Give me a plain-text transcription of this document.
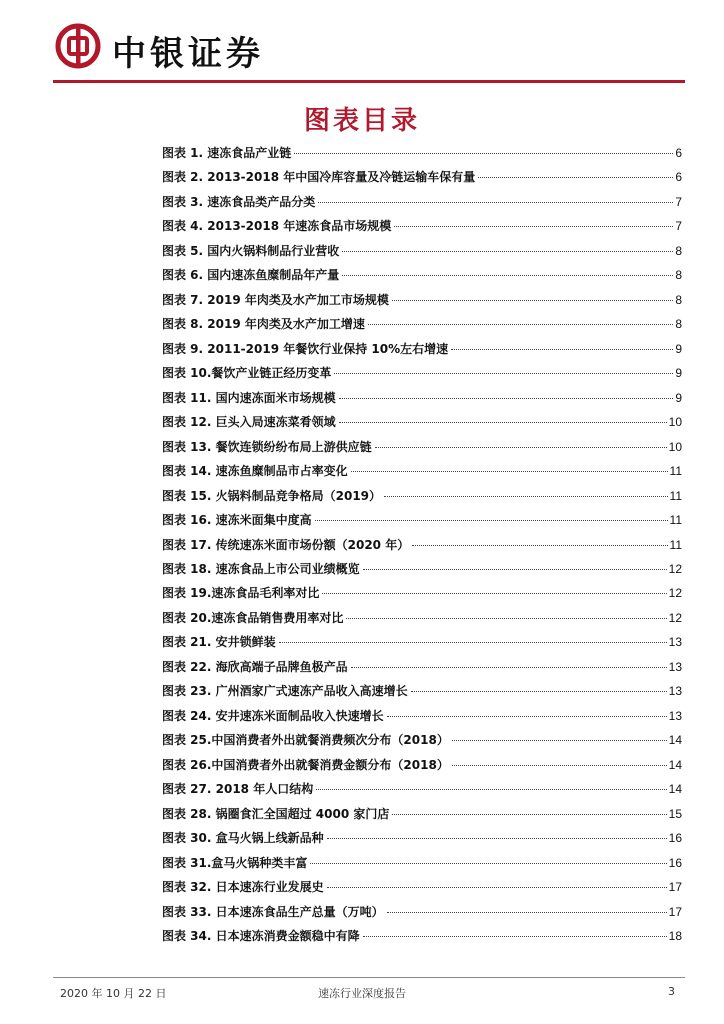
中银证券
图表目录
图表 1. 速冻食品产业链	6
图表 2. 2013-2018 年中国冷库容量及冷链运输车保有量	6
图表 3. 速冻食品类产品分类	7
图表 4. 2013-2018 年速冻食品市场规模	7
图表 5. 国内火锅料制品行业营收	8
图表 6. 国内速冻鱼糜制品年产量	8
图表 7. 2019 年肉类及水产加工市场规模	8
图表 8. 2019 年肉类及水产加工增速	8
图表 9. 2011-2019 年餐饮行业保持 10%左右增速	9
图表 10.餐饮产业链正经历变革	9
图表 11. 国内速冻面米市场规模	9
图表 12. 巨头入局速冻菜肴领域	10
图表 13. 餐饮连锁纷纷布局上游供应链	10
图表 14. 速冻鱼糜制品市占率变化	11
图表 15. 火锅料制品竞争格局（2019）	11
图表 16. 速冻米面集中度高	11
图表 17. 传统速冻米面市场份额（2020 年）	11
图表 18. 速冻食品上市公司业绩概览	12
图表 19.速冻食品毛利率对比	12
图表 20.速冻食品销售费用率对比	12
图表 21. 安井锁鲜装	13
图表 22. 海欣高端子品牌鱼极产品	13
图表 23. 广州酒家广式速冻产品收入高速增长	13
图表 24. 安井速冻米面制品收入快速增长	13
图表 25.中国消费者外出就餐消费频次分布（2018）	14
图表 26.中国消费者外出就餐消费金额分布（2018）	14
图表 27. 2018 年人口结构	14
图表 28. 锅圈食汇全国超过 4000 家门店	15
图表 30. 盒马火锅上线新品种	16
图表 31.盒马火锅种类丰富	16
图表 32. 日本速冻行业发展史	17
图表 33. 日本速冻食品生产总量（万吨）	17
图表 34. 日本速冻消费金额稳中有降	18
2020 年 10 月 22 日	速冻行业深度报告	3
